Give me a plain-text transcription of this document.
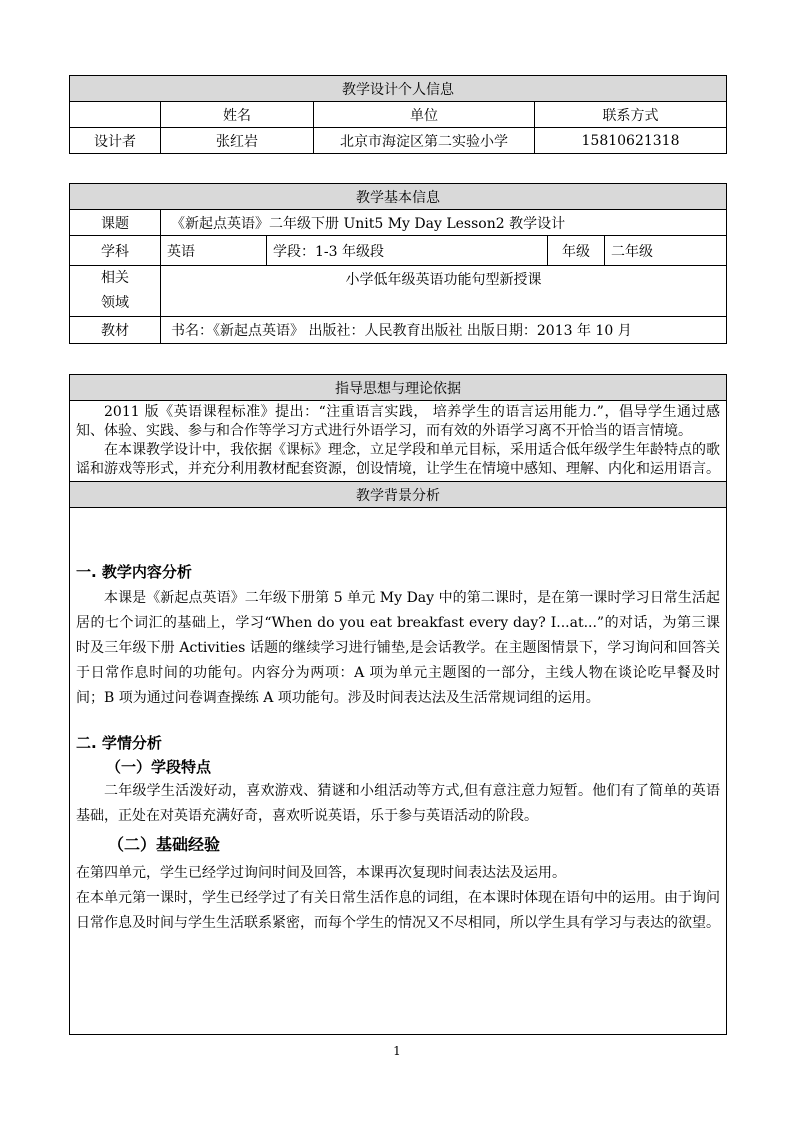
教学设计个人信息			
	姓名	单位	联系方式
设计者	张红岩	北京市海淀区第二实验小学	15810621318
教学基本信息				
课题	《新起点英语》二年级下册 Unit5 My Day Lesson2 教学设计			
学科	英语	学段：1-3 年级段	年级	二年级

相关
领域	小学低年级英语功能句型新授课			
教材	书名：《新起点英语》 出版社：人民教育出版社 出版日期：2013 年 10 月			
指导思想与理论依据

2011 版《英语课程标准》提出：“注重语言实践， 培养学生的语言运用能力.”，倡导学生通过感知、体验、实践、参与和合作等学习方式进行外语学习，而有效的外语学习离不开恰当的语言情境。

在本课教学设计中，我依据《课标》理念，立足学段和单元目标，采用适合低年级学生年龄特点的歌谣和游戏等形式，并充分利用教材配套资源，创设情境，让学生在情境中感知、理解、内化和运用语言。

教学背景分析

一. 教学内容分析
本课是《新起点英语》二年级下册第 5 单元 My Day 中的第二课时，是在第一课时学习日常生活起居的七个词汇的基础上，学习“When do you eat breakfast every day? I...at...”的对话，为第三课时及三年级下册 Activities 话题的继续学习进行铺垫,是会话教学。在主题图情景下，学习询问和回答关于日常作息时间的功能句。内容分为两项：A 项为单元主题图的一部分，主线人物在谈论吃早餐及时间；B 项为通过问卷调查操练 A 项功能句。涉及时间表达法及生活常规词组的运用。
二. 学情分析
（一）学段特点
二年级学生活泼好动，喜欢游戏、猜谜和小组活动等方式,但有意注意力短暂。他们有了简单的英语基础，正处在对英语充满好奇，喜欢听说英语，乐于参与英语活动的阶段。
（二）基础经验
在第四单元，学生已经学过询问时间及回答，本课再次复现时间表达法及运用。
在本单元第一课时，学生已经学过了有关日常生活作息的词组，在本课时体现在语句中的运用。由于询问日常作息及时间与学生生活联系紧密，而每个学生的情况又不尽相同，所以学生具有学习与表达的欲望。
1
